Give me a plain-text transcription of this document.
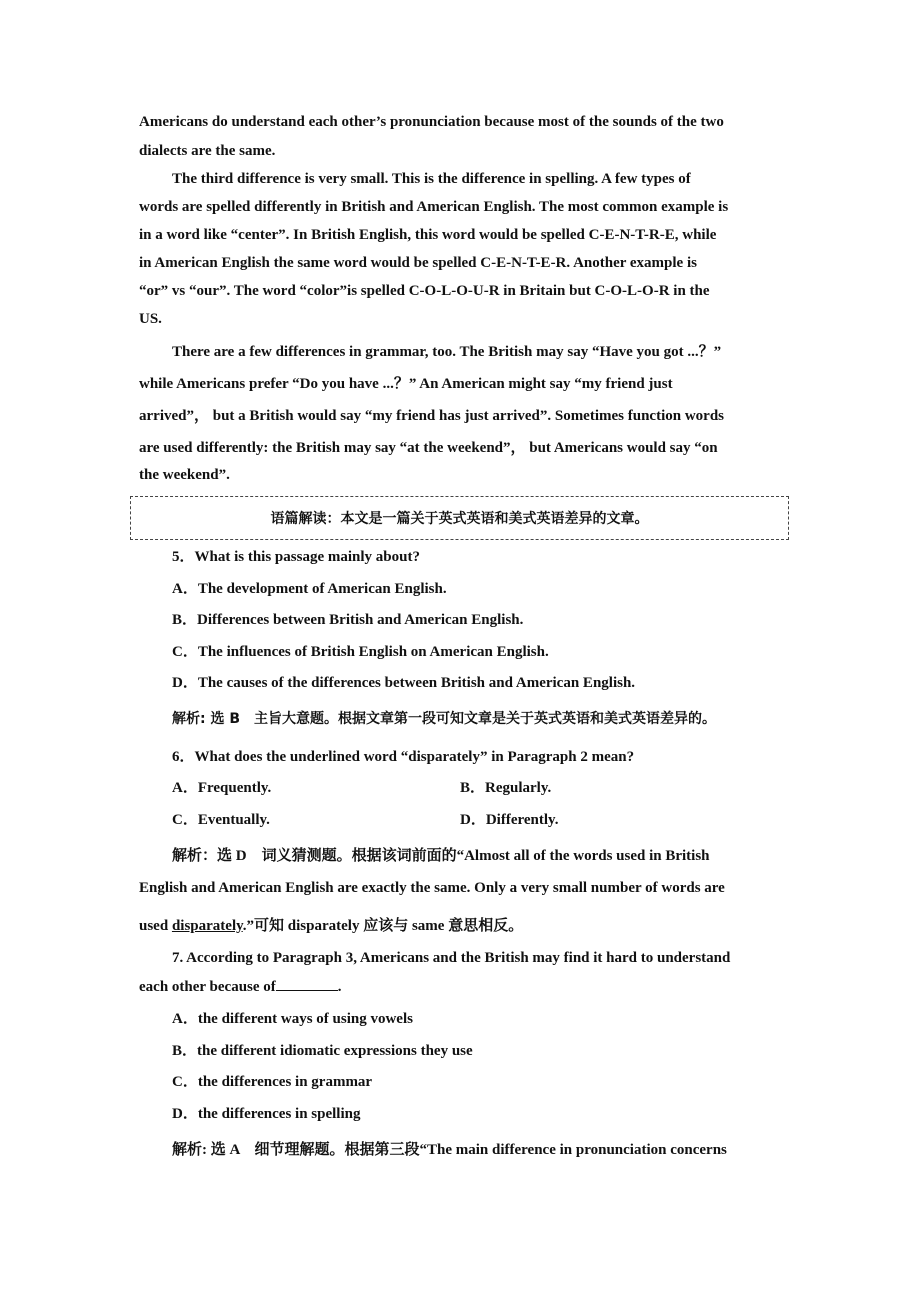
Americans do understand each other’s pronunciation because most of the sounds of the two
dialects are the same.
The third difference is very small. This is the difference in spelling. A few types of
words are spelled differently in British and American English. The most common example is
in a word like “center”. In British English, this word would be spelled C-E-N-T-R-E, while
in American English the same word would be spelled C-E-N-T-E-R. Another example is
“or” vs “our”. The word “color”is spelled C-O-L-O-U-R in Britain but C-O-L-O-R in the
US.
There are a few differences in grammar, too. The British may say “Have you got ...？”
while Americans prefer “Do you have ...？” An American might say “my friend just
arrived”， but a British would say “my friend has just arrived”. Sometimes function words
are used differently: the British may say “at the weekend”， but Americans would say “on
the weekend”.
语篇解读：本文是一篇关于英式英语和美式英语差异的文章。
5．What is this passage mainly about?
A．The development of American English.
B．Differences between British and American English.
C．The influences of British English on American English.
D．The causes of the differences between British and American English.
解析: 选 B　主旨大意题。根据文章第一段可知文章是关于英式英语和美式英语差异的。
6．What does the underlined word “disparately” in Paragraph 2 mean?
A．Frequently.	B．Regularly.
C．Eventually.	D．Differently.
解析：选 D　词义猜测题。根据该词前面的“Almost all of the words used in British
English and American English are exactly the same. Only a very small number of words are
used disparately.”可知 disparately 应该与 same 意思相反。
7. According to Paragraph 3, Americans and the British may find it hard to understand
each other because of	.
A．the different ways of using vowels
B．the different idiomatic expressions they use
C．the differences in grammar
D．the differences in spelling
解析: 选 A　细节理解题。根据第三段“The main difference in pronunciation concerns
